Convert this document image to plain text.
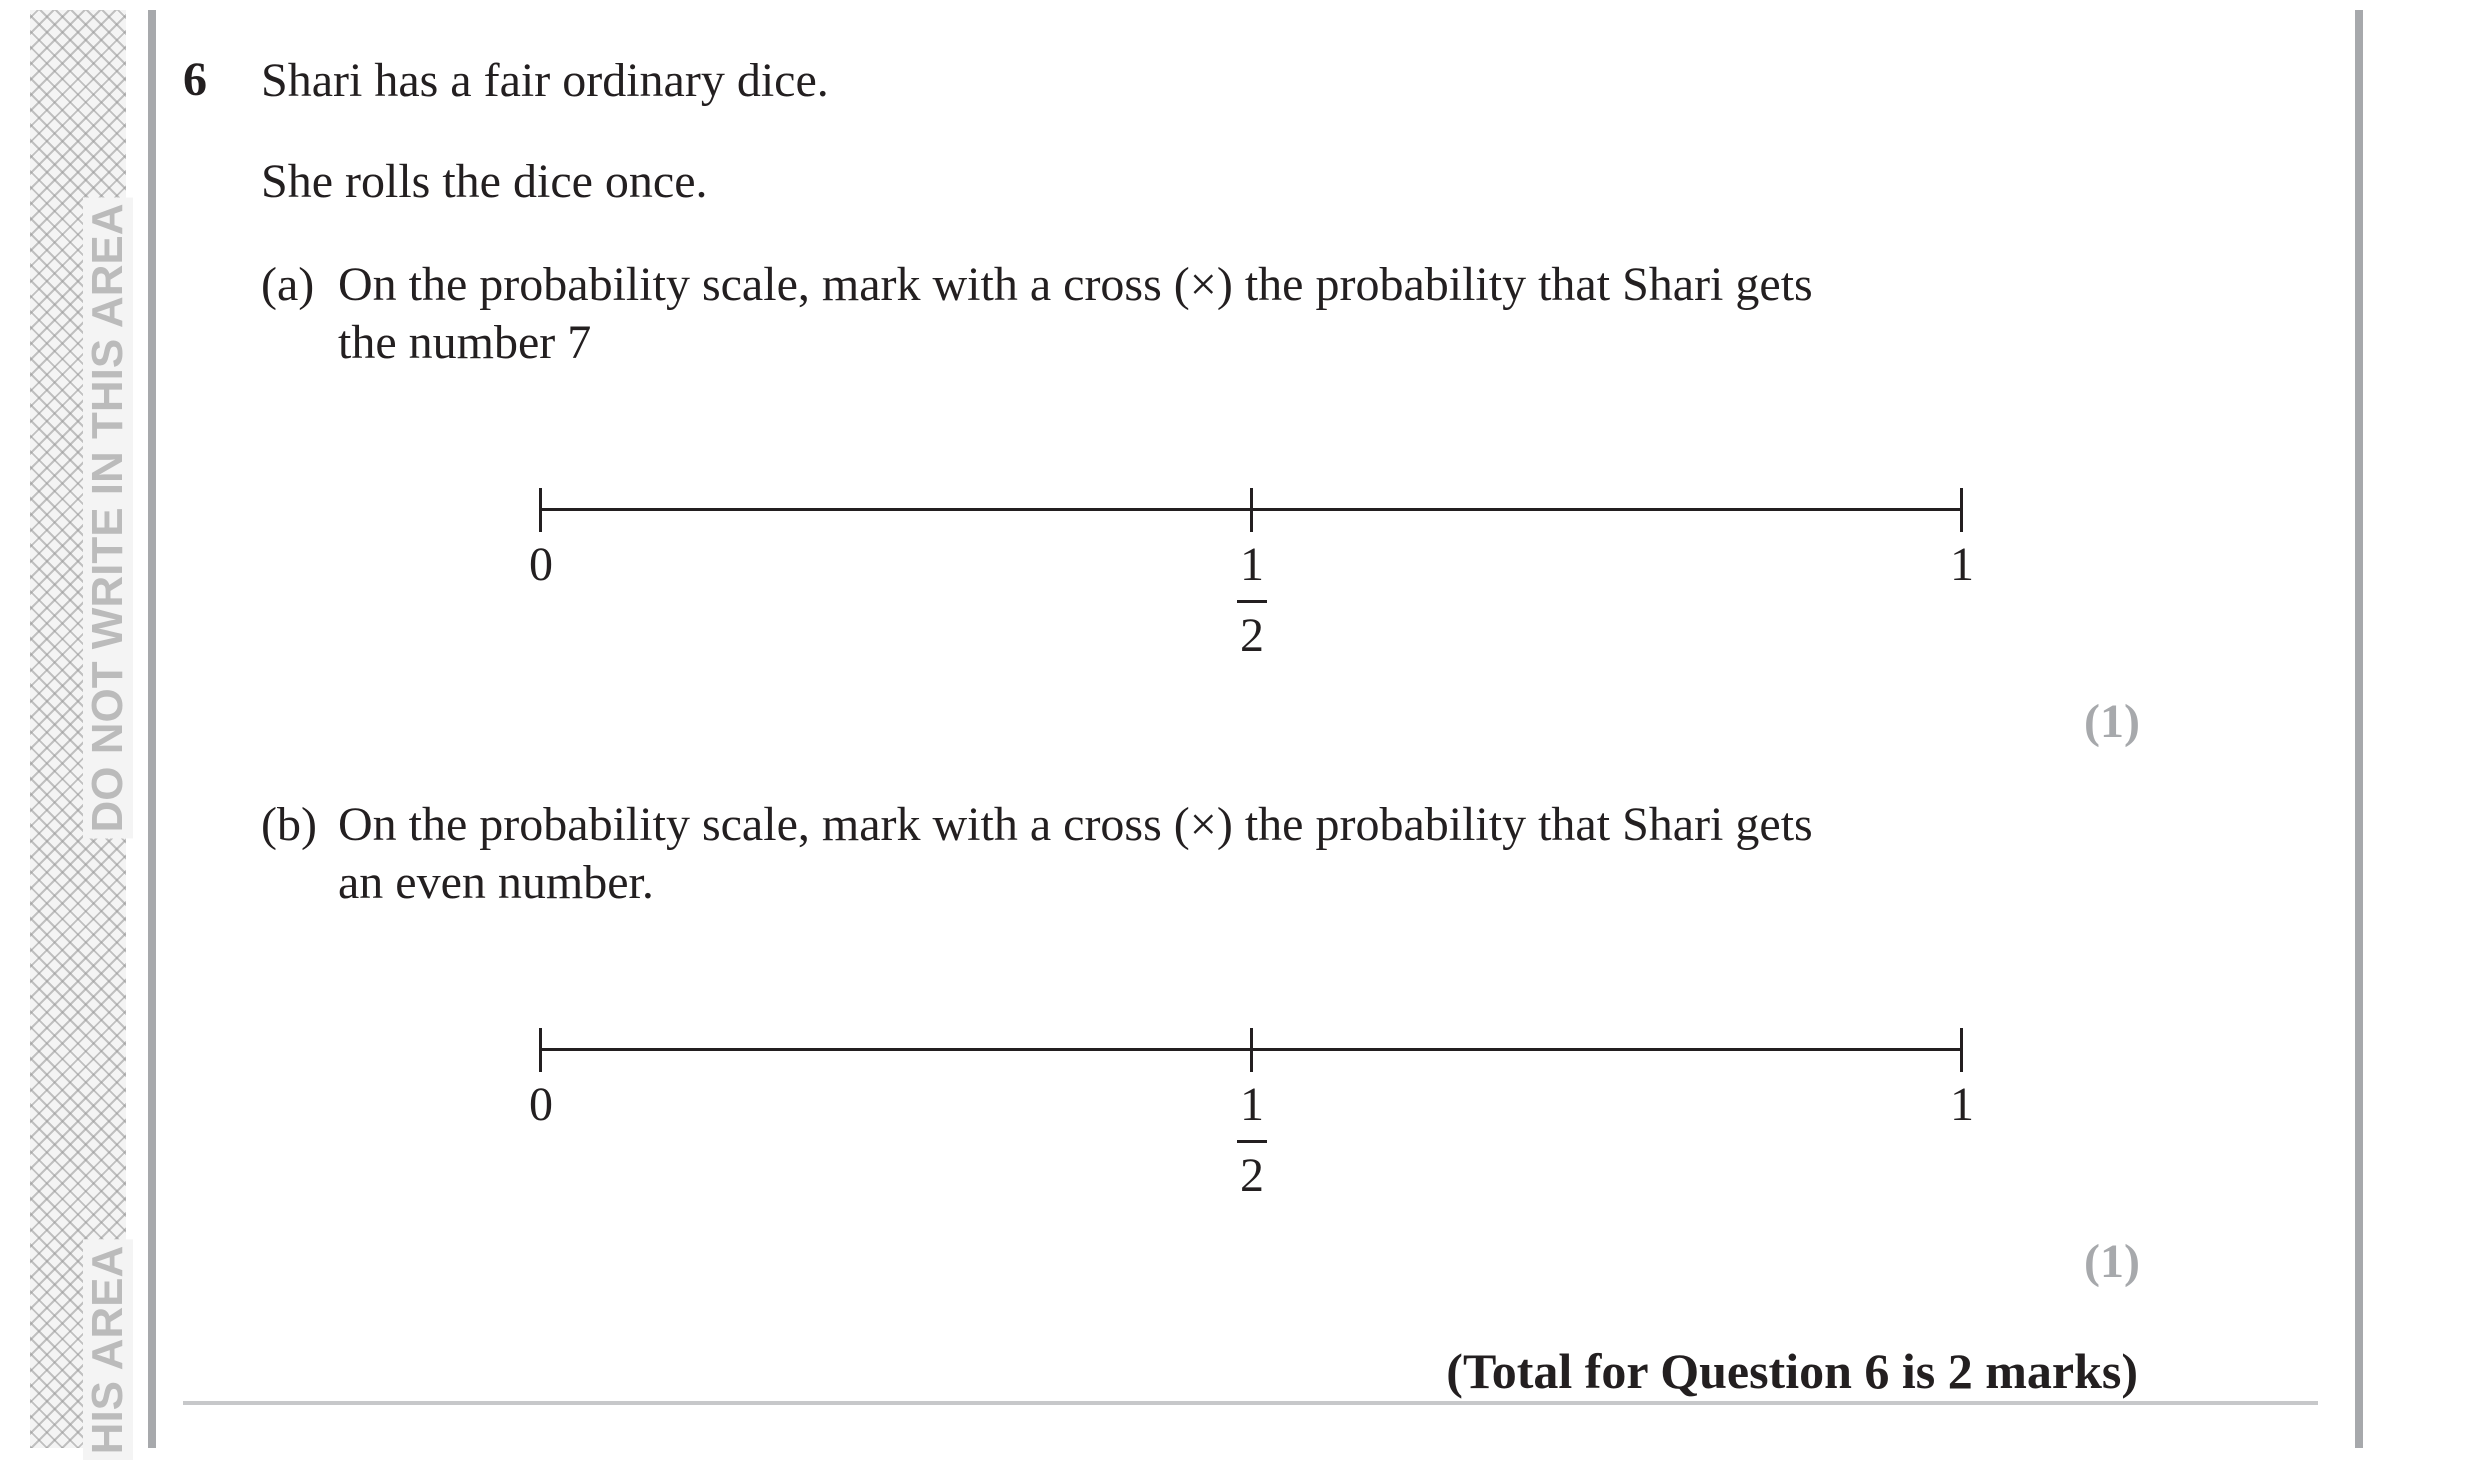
DO NOT WRITE IN THIS AREA
HIS AREA
6 Shari has a fair ordinary dice.
She rolls the dice once.
(a) On the probability scale, mark with a cross (×) the probability that Shari gets
the number 7
0	1
2
1
(1)
(b) On the probability scale, mark with a cross (×) the probability that Shari gets
an even number.
0	1
2
1
(1)
(Total for Question 6 is 2 marks)
